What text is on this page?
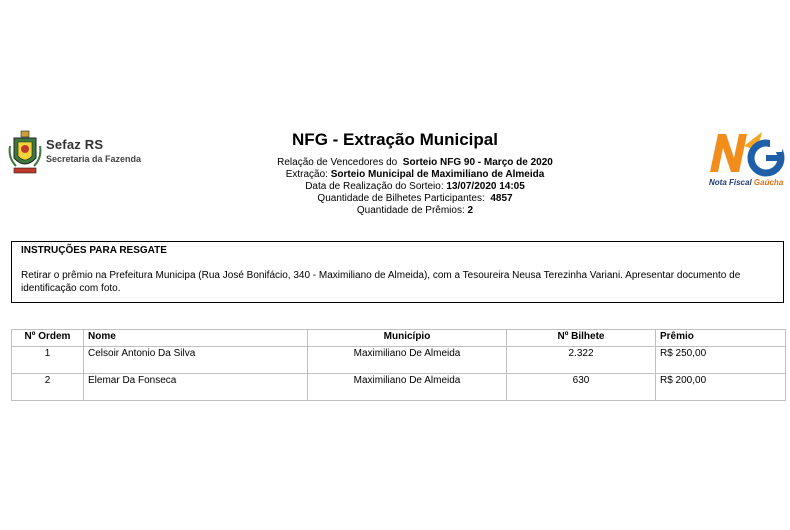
Sefaz RS
Secretaria da Fazenda
Nota Fiscal Gaúcha
NFG - Extração Municipal
Relação de Vencedores do Sorteio NFG 90 - Março de 2020
Extração: Sorteio Municipal de Maximiliano de Almeida
Data de Realização do Sorteio: 13/07/2020 14:05
Quantidade de Bilhetes Participantes: 4857
Quantidade de Prêmios: 2
INSTRUÇÕES PARA RESGATE
Retirar o prêmio na Prefeitura Municipa (Rua José Bonifácio, 340 - Maximiliano de Almeida), com a Tesoureira Neusa Terezinha Variani. Apresentar documento de identificação com foto.
Nº Ordem	Nome	Município	Nº Bilhete	Prêmio
1	Celsoir Antonio Da Silva	Maximiliano De Almeida	2.322	R$ 250,00
2	Elemar Da Fonseca	Maximiliano De Almeida	630	R$ 200,00
